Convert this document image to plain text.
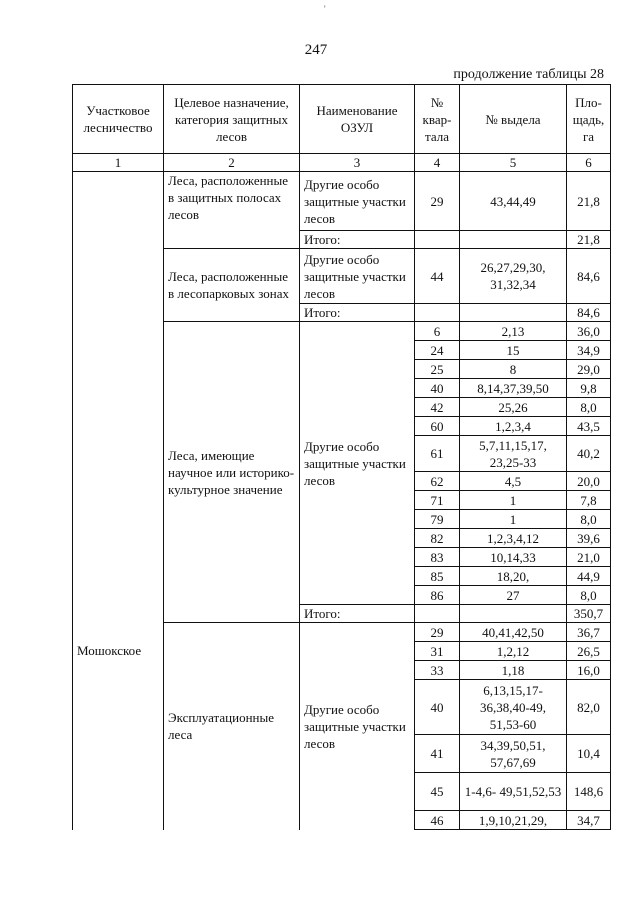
'
247
продолжение таблицы 28
Участковое лесничество	Целевое назначение, категория защитных лесов	Наименование ОЗУЛ	№ квар-тала	№ выдела	Пло-щадь, га
1	2	3	4	5	6
Мошокское	Леса, расположенные в защитных полосах лесов	Другие особо защитные участки лесов	29	43,44,49	21,8
		Итого:			21,8
	Леса, расположенные в лесопарковых зонах	Другие особо защитные участки лесов	44	26,27,29,30, 31,32,34	84,6
		Итого:			84,6
	Леса, имеющие научное или историко-культурное значение	Другие особо защитные участки лесов	6	2,13	36,0
			24	15	34,9
			25	8	29,0
			40	8,14,37,39,50	9,8
			42	25,26	8,0
			60	1,2,3,4	43,5
			61	5,7,11,15,17, 23,25-33	40,2
			62	4,5	20,0
			71	1	7,8
			79	1	8,0
			82	1,2,3,4,12	39,6
			83	10,14,33	21,0
			85	18,20,	44,9
			86	27	8,0
		Итого:			350,7
	Эксплуатационные леса	Другие особо защитные участки лесов	29	40,41,42,50	36,7
			31	1,2,12	26,5
			33	1,18	16,0
			40	6,13,15,17- 36,38,40-49, 51,53-60	82,0
			41	34,39,50,51, 57,67,69	10,4
			45	1-4,6- 49,51,52,53	148,6
			46	1,9,10,21,29,	34,7
